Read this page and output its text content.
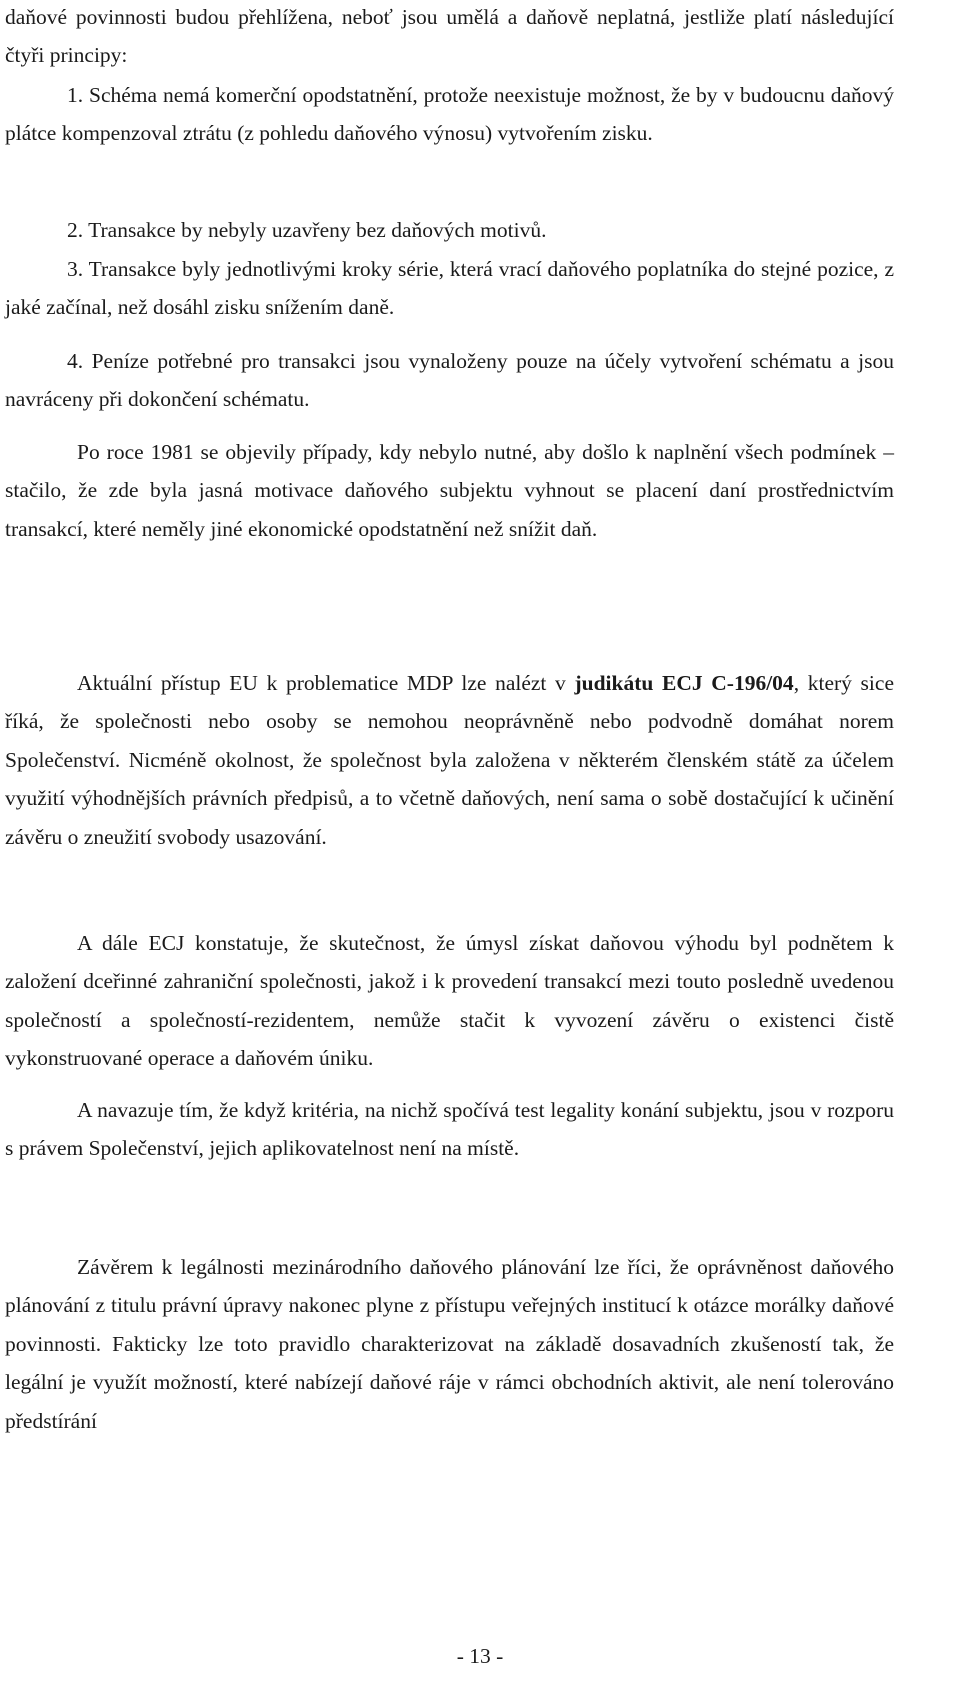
daňové povinnosti budou přehlížena, neboť jsou umělá a daňově neplatná, jestliže platí následující čtyři principy:
1. Schéma nemá komerční opodstatnění, protože neexistuje možnost, že by v budoucnu daňový plátce kompenzoval ztrátu (z pohledu daňového výnosu) vytvořením zisku.
2. Transakce by nebyly uzavřeny bez daňových motivů.
3. Transakce byly jednotlivými kroky série, která vrací daňového poplatníka do stejné pozice, z jaké začínal, než dosáhl zisku snížením daně.
4. Peníze potřebné pro transakci jsou vynaloženy pouze na účely vytvoření schématu a jsou navráceny při dokončení schématu.
Po roce 1981 se objevily případy, kdy nebylo nutné, aby došlo k naplnění všech podmínek – stačilo, že zde byla jasná motivace daňového subjektu vyhnout se placení daní prostřednictvím transakcí, které neměly jiné ekonomické opodstatnění než snížit daň.
Aktuální přístup EU k problematice MDP lze nalézt v judikátu ECJ C-196/04, který sice říká, že společnosti nebo osoby se nemohou neoprávněně nebo podvodně domáhat norem Společenství. Nicméně okolnost, že společnost byla založena v některém členském státě za účelem využití výhodnějších právních předpisů, a to včetně daňových, není sama o sobě dostačující k učinění závěru o zneužití svobody usazování.
A dále ECJ konstatuje, že skutečnost, že úmysl získat daňovou výhodu byl podnětem k založení dceřinné zahraniční společnosti, jakož i k provedení transakcí mezi touto posledně uvedenou společností a společností-rezidentem, nemůže stačit k vyvození závěru o existenci čistě vykonstruované operace a daňovém úniku.
A navazuje tím, že když kritéria, na nichž spočívá test legality konání subjektu, jsou v rozporu s právem Společenství, jejich aplikovatelnost není na místě.
Závěrem k legálnosti mezinárodního daňového plánování lze říci, že oprávněnost daňového plánování z titulu právní úpravy nakonec plyne z přístupu veřejných institucí k otázce morálky daňové povinnosti. Fakticky lze toto pravidlo charakterizovat na základě dosavadních zkušeností tak, že legální je využít možností, které nabízejí daňové ráje v rámci obchodních aktivit, ale není tolerováno předstírání
- 13 -
